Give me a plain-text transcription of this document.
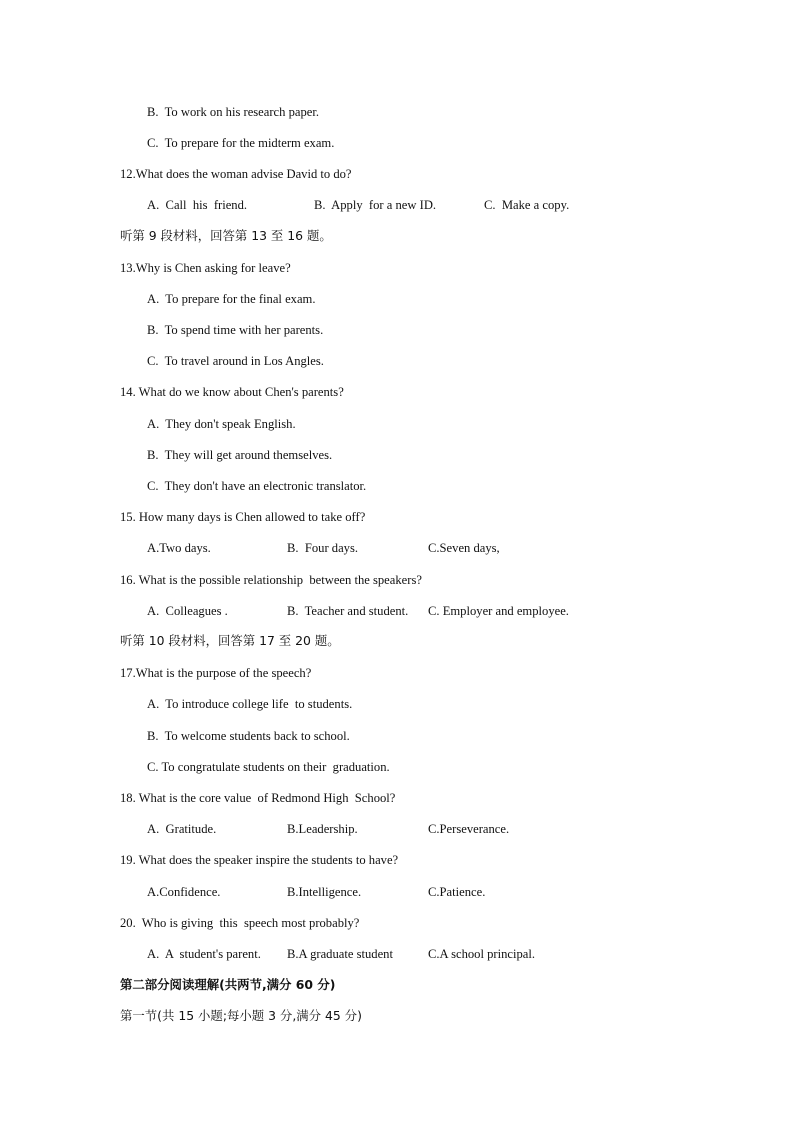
B.  To work on his research paper.
C.  To prepare for the midterm exam.
12.What does the woman advise David to do?
A.  Call  his  friend.	B.  Apply  for a new ID.	C.  Make a copy.
听第 9 段材料，回答第 13 至 16 题。
13.Why is Chen asking for leave?
A.  To prepare for the final exam.
B.  To spend time with her parents.
C.  To travel around in Los Angles.
14. What do we know about Chen's parents?
A.  They don't speak English.
B.  They will get around themselves.
C.  They don't have an electronic translator.
15. How many days is Chen allowed to take off?
A.Two days.	B.  Four days.	C.Seven days,
16. What is the possible relationship  between the speakers?
A.  Colleagues .	B.  Teacher and student. C. Employer and employee.
听第 10 段材料，回答第 17 至 20 题。
17.What is the purpose of the speech?
A.  To introduce college life  to students.
B.  To welcome students back to school.
C. To congratulate students on their  graduation.
18. What is the core value  of Redmond High  School?
A.  Gratitude.	B.Leadership.	C.Perseverance.
19. What does the speaker inspire the students to have?
A.Confidence.	B.Intelligence.	C.Patience.
20.  Who is giving  this  speech most probably?
A.  A  student's parent. B.A graduate student	C.A school principal.
第二部分阅读理解(共两节,满分 60 分)
第一节(共 15 小题;每小题 3 分,满分 45 分)
